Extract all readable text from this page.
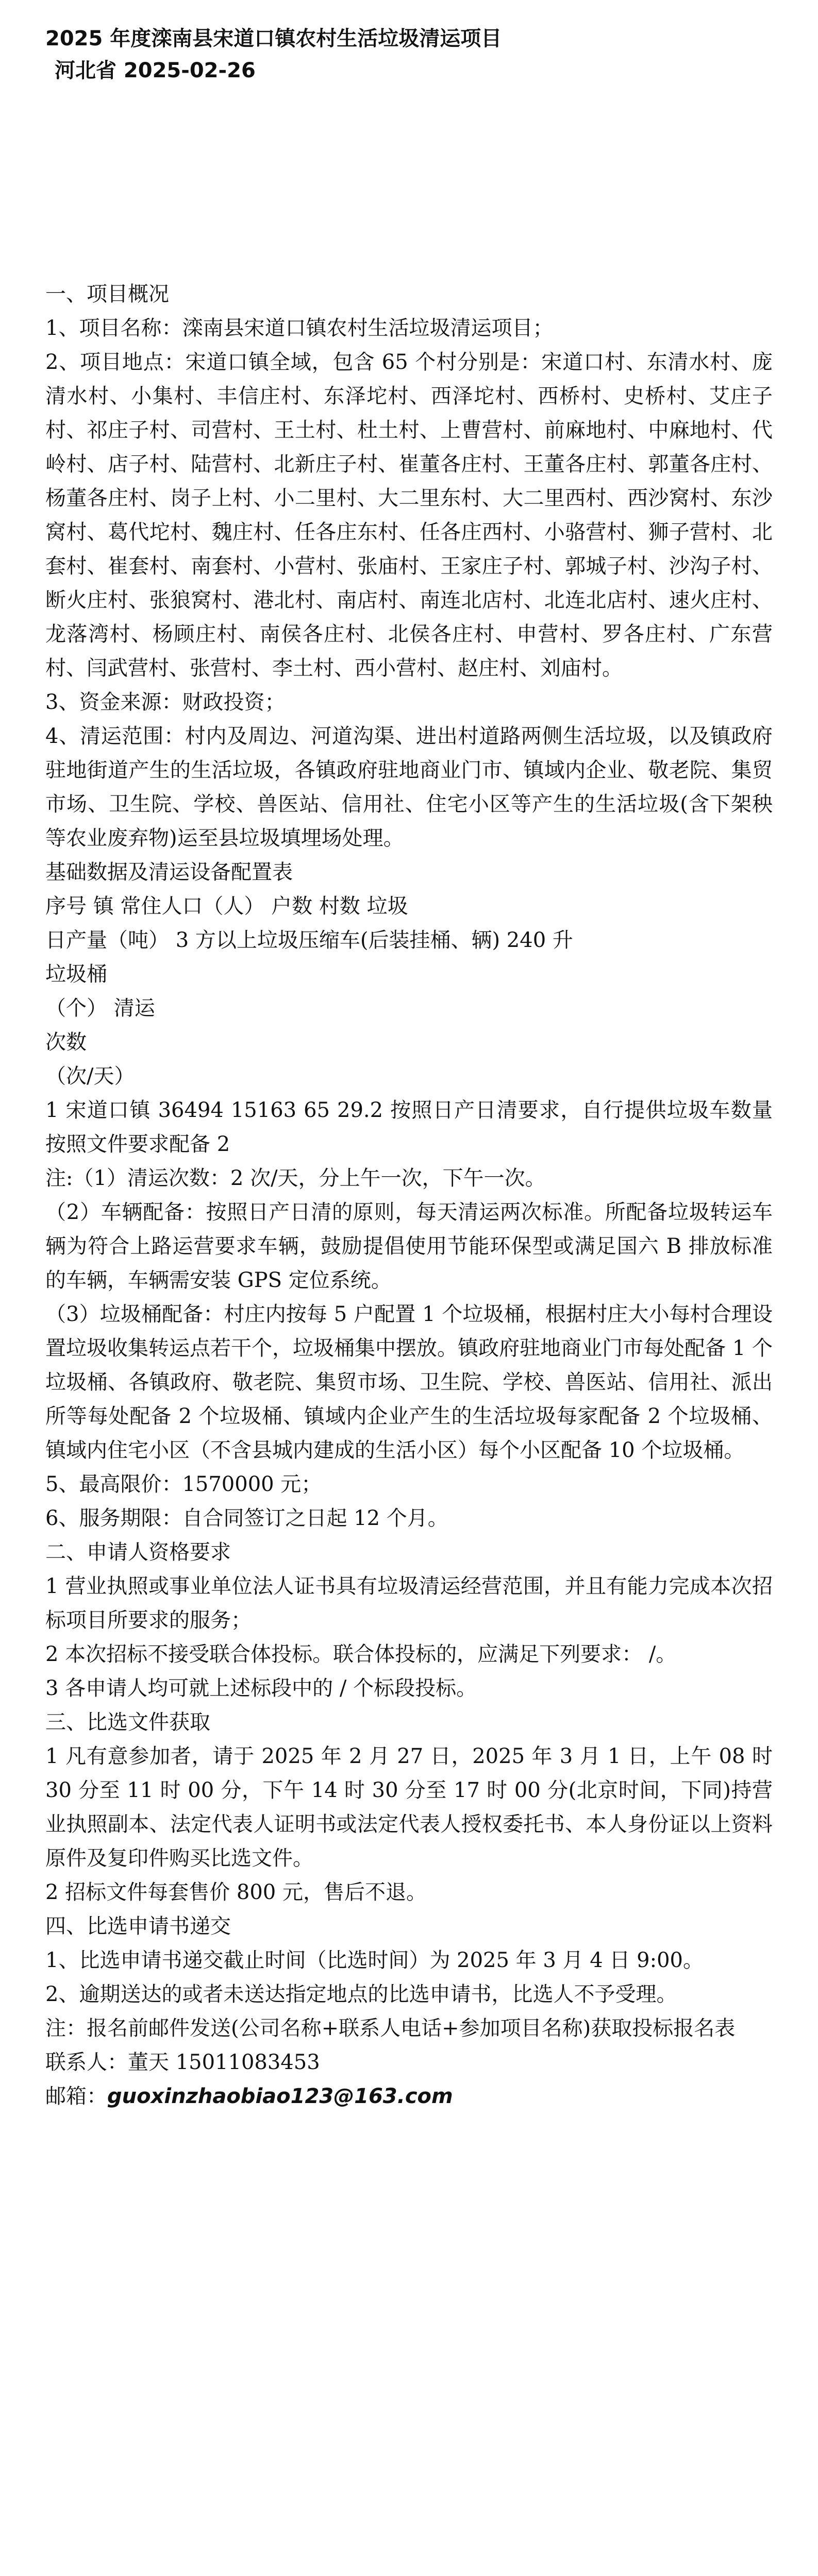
2025 年度滦南县宋道口镇农村生活垃圾清运项目
河北省 2025-02-26

一、项目概况

1、项目名称：滦南县宋道口镇农村生活垃圾清运项目；

2、项目地点：宋道口镇全域，包含 65 个村分别是：宋道口村、东清水村、庞清水村、小集村、丰信庄村、东泽坨村、西泽坨村、西桥村、史桥村、艾庄子村、祁庄子村、司营村、王土村、杜土村、上曹营村、前麻地村、中麻地村、代岭村、店子村、陆营村、北新庄子村、崔董各庄村、王董各庄村、郭董各庄村、杨董各庄村、岗子上村、小二里村、大二里东村、大二里西村、西沙窝村、东沙窝村、葛代坨村、魏庄村、任各庄东村、任各庄西村、小骆营村、狮子营村、北套村、崔套村、南套村、小营村、张庙村、王家庄子村、郭城子村、沙沟子村、断火庄村、张狼窝村、港北村、南店村、南连北店村、北连北店村、速火庄村、龙落湾村、杨顾庄村、南侯各庄村、北侯各庄村、申营村、罗各庄村、广东营村、闫武营村、张营村、李土村、西小营村、赵庄村、刘庙村。

3、资金来源：财政投资；

4、清运范围：村内及周边、河道沟渠、进出村道路两侧生活垃圾，以及镇政府驻地街道产生的生活垃圾，各镇政府驻地商业门市、镇域内企业、敬老院、集贸市场、卫生院、学校、兽医站、信用社、住宅小区等产生的生活垃圾(含下架秧等农业废弃物)运至县垃圾填埋场处理。

基础数据及清运设备配置表

序号 镇 常住人口（人） 户数 村数 垃圾

日产量（吨） 3 方以上垃圾压缩车(后装挂桶、辆) 240 升

垃圾桶

（个） 清运

次数

（次/天）

1 宋道口镇 36494 15163 65 29.2 按照日产日清要求，自行提供垃圾车数量 按照文件要求配备 2

注:（1）清运次数：2 次/天，分上午一次，下午一次。

（2）车辆配备：按照日产日清的原则，每天清运两次标准。所配备垃圾转运车辆为符合上路运营要求车辆，鼓励提倡使用节能环保型或满足国六 B 排放标准的车辆，车辆需安装 GPS 定位系统。

（3）垃圾桶配备：村庄内按每 5 户配置 1 个垃圾桶，根据村庄大小每村合理设置垃圾收集转运点若干个，垃圾桶集中摆放。镇政府驻地商业门市每处配备 1 个垃圾桶、各镇政府、敬老院、集贸市场、卫生院、学校、兽医站、信用社、派出所等每处配备 2 个垃圾桶、镇域内企业产生的生活垃圾每家配备 2 个垃圾桶、镇域内住宅小区（不含县城内建成的生活小区）每个小区配备 10 个垃圾桶。

5、最高限价：1570000 元；

6、服务期限：自合同签订之日起 12 个月。

二、申请人资格要求

1 营业执照或事业单位法人证书具有垃圾清运经营范围，并且有能力完成本次招标项目所要求的服务；

2 本次招标不接受联合体投标。联合体投标的，应满足下列要求： /。

3 各申请人均可就上述标段中的 / 个标段投标。

三、比选文件获取

1 凡有意参加者，请于 2025 年 2 月 27 日，2025 年 3 月 1 日，上午 08 时 30 分至 11 时 00 分，下午 14 时 30 分至 17 时 00 分(北京时间，下同)持营业执照副本、法定代表人证明书或法定代表人授权委托书、本人身份证以上资料原件及复印件购买比选文件。

2 招标文件每套售价 800 元，售后不退。

四、比选申请书递交

1、比选申请书递交截止时间（比选时间）为 2025 年 3 月 4 日 9:00。

2、逾期送达的或者未送达指定地点的比选申请书，比选人不予受理。

注：报名前邮件发送(公司名称+联系人电话+参加项目名称)获取投标报名表

联系人：董天 15011083453

邮箱：guoxinzhaobiao123@163.com
